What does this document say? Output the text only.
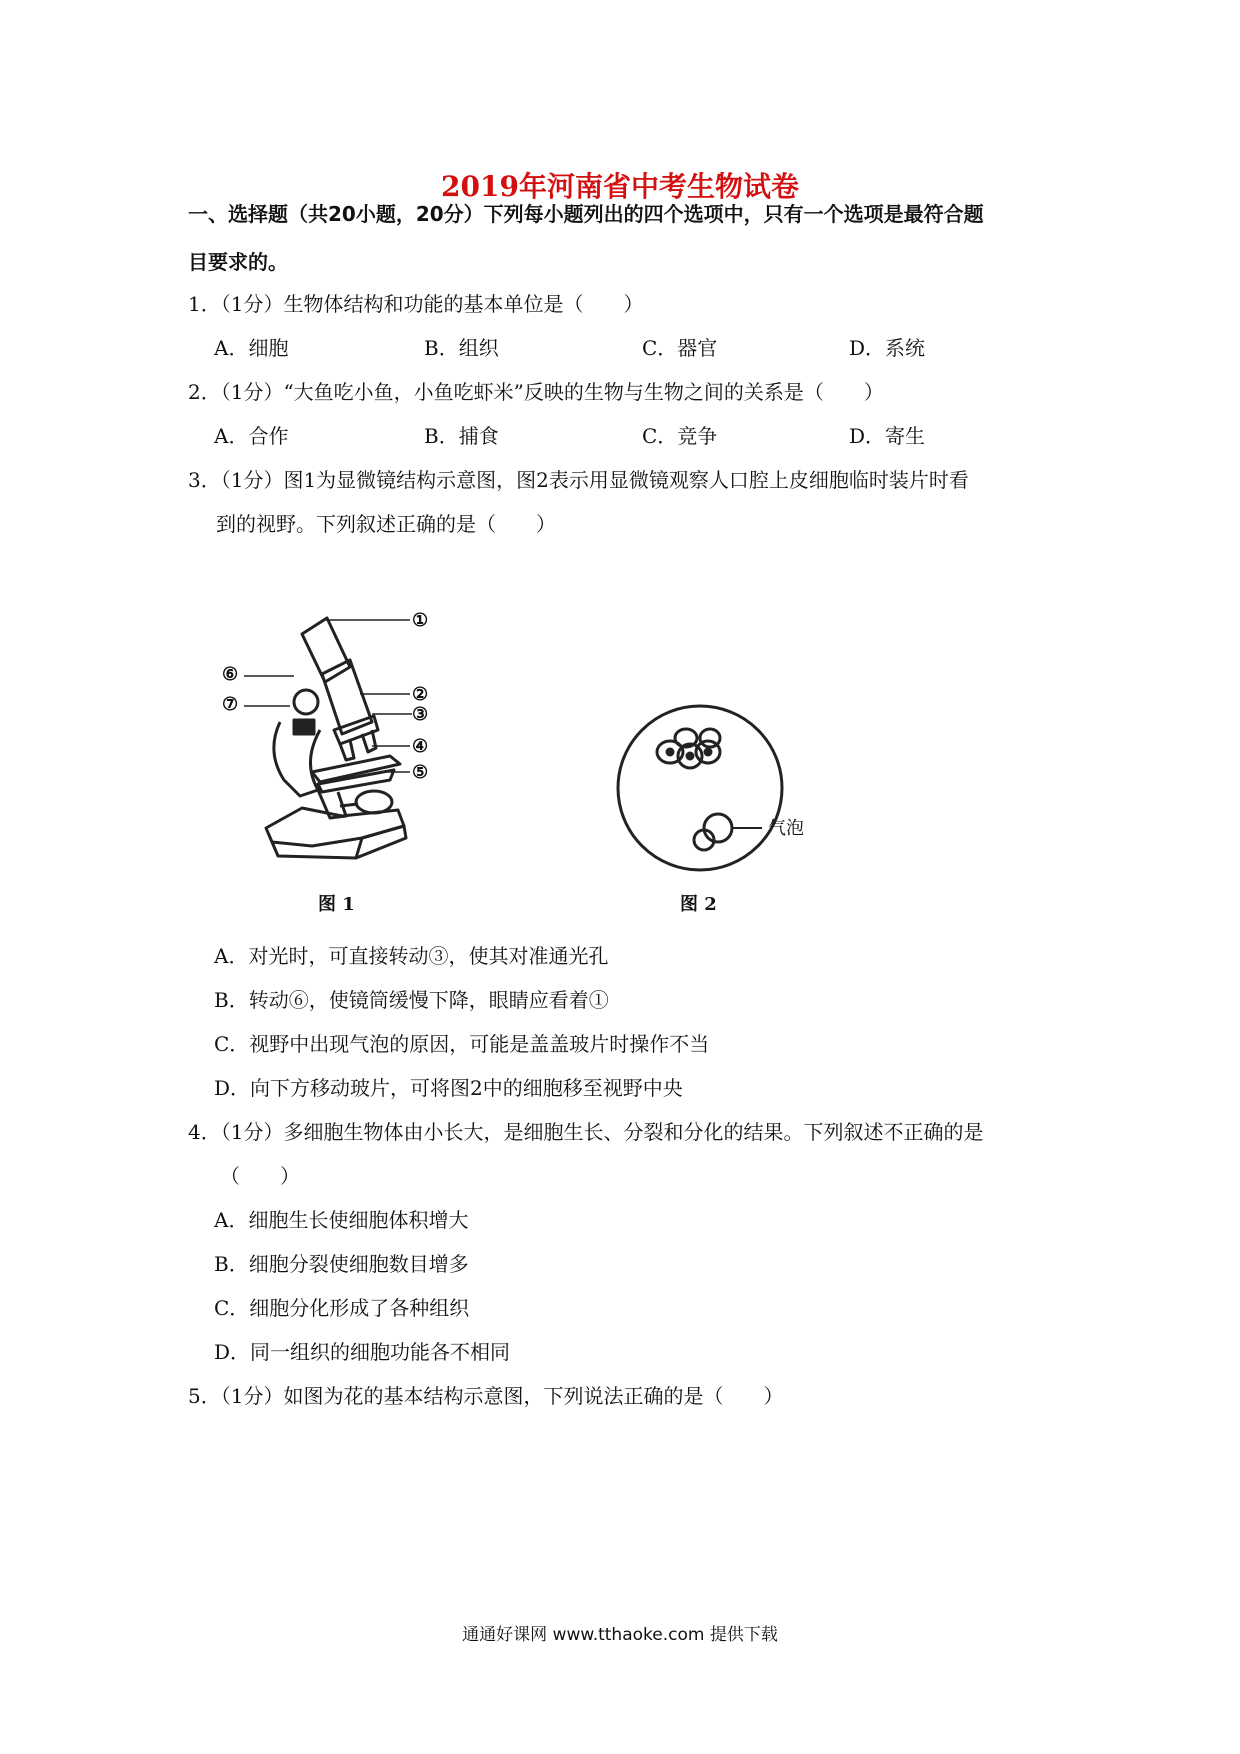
2019年河南省中考生物试卷
一、选择题（共20小题，20分）下列每小题列出的四个选项中，只有一个选项是最符合题
目要求的。
1．（1分）生物体结构和功能的基本单位是（　　）
A．细胞	B．组织	C．器官	D．系统
2．（1分）“大鱼吃小鱼，小鱼吃虾米”反映的生物与生物之间的关系是（　　）
A．合作	B．捕食	C．竞争	D．寄生
3．（1分）图1为显微镜结构示意图，图2表示用显微镜观察人口腔上皮细胞临时装片时看
到的视野。下列叙述正确的是（　　）
①
②
③
④
⑤
⑥
⑦
图 1
气泡
图 2
A．对光时，可直接转动③，使其对准通光孔
B．转动⑥，使镜筒缓慢下降，眼睛应看着①
C．视野中出现气泡的原因，可能是盖盖玻片时操作不当
D．向下方移动玻片，可将图2中的细胞移至视野中央
4．（1分）多细胞生物体由小长大，是细胞生长、分裂和分化的结果。下列叙述不正确的是
（　　）
A．细胞生长使细胞体积增大
B．细胞分裂使细胞数目增多
C．细胞分化形成了各种组织
D．同一组织的细胞功能各不相同
5．（1分）如图为花的基本结构示意图，下列说法正确的是（　　）
通通好课网 www.tthaoke.com 提供下载
